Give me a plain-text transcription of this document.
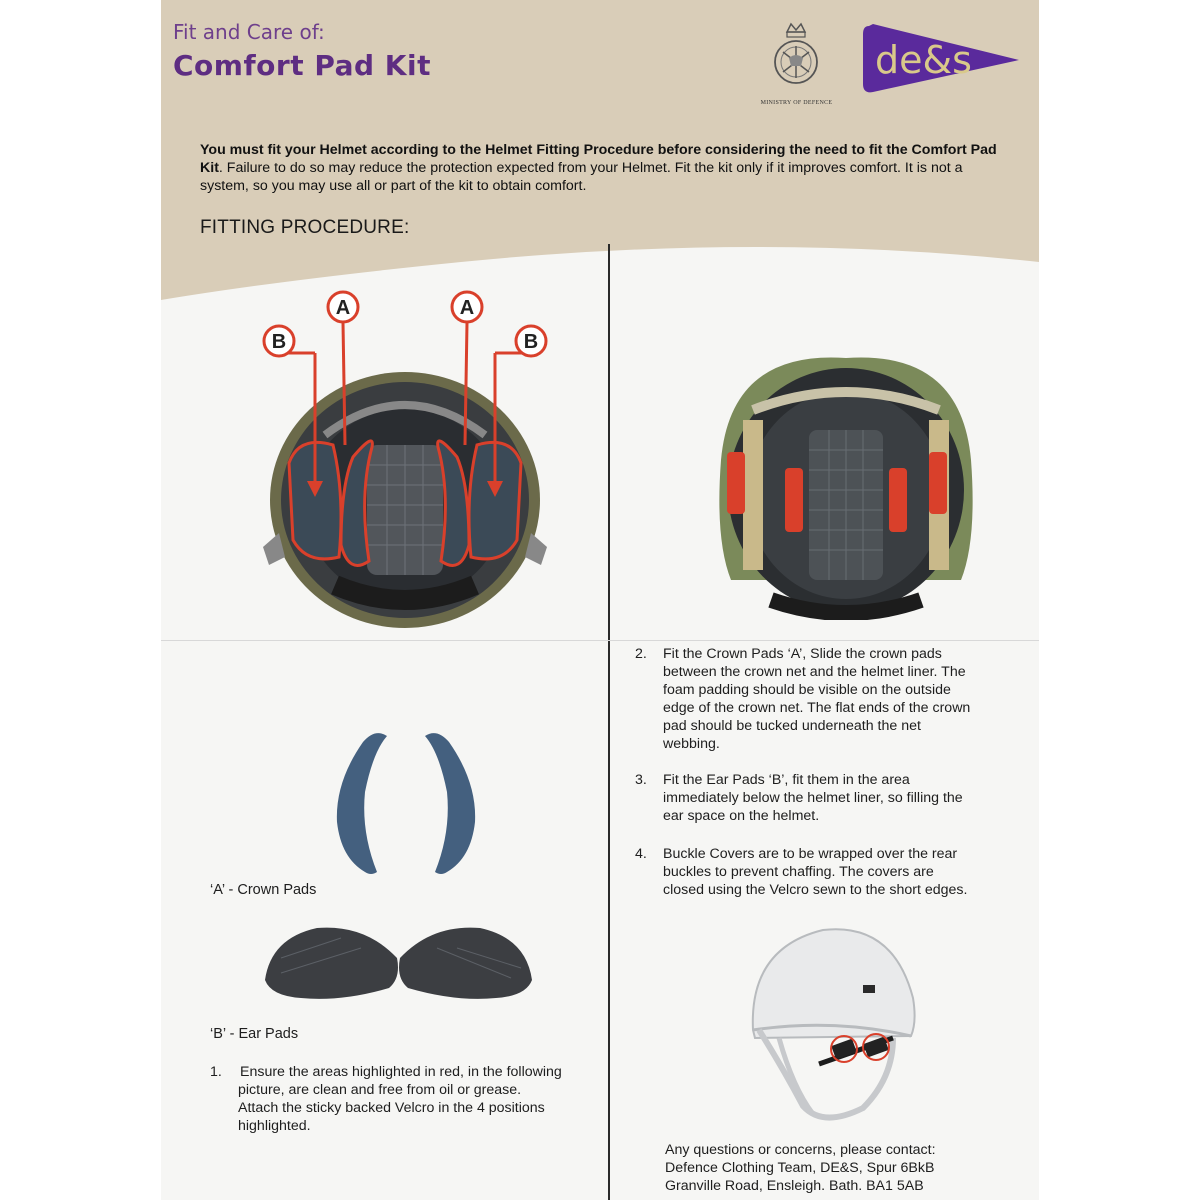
Fit and Care of:
Comfort Pad Kit
MINISTRY OF DEFENCE
de&s

You must fit your Helmet according to the Helmet Fitting Procedure before considering the need to fit the Comfort Pad Kit. Failure to do so may reduce the protection expected from your Helmet. Fit the kit only if it improves comfort. It is not a system, so you may use all or part of the kit to obtain comfort.

FITTING PROCEDURE:
A	A
B	B
‘A’ - Crown Pads
‘B’ - Ear Pads
1. Ensure the areas highlighted in red, in the following
picture, are clean and free from oil or grease.
Attach the sticky backed Velcro in the 4 positions
highlighted.
2. Fit the Crown Pads ‘A’, Slide the crown pads
between the crown net and the helmet liner. The
foam padding should be visible on the outside
edge of the crown net. The flat ends of the crown
pad should be tucked underneath the net
webbing.
3. Fit the Ear Pads ‘B’, fit them in the area
immediately below the helmet liner, so filling the
ear space on the helmet.
4. Buckle Covers are to be wrapped over the rear
buckles to prevent chaffing. The covers are
closed using the Velcro sewn to the short edges.
Any questions or concerns, please contact:
Defence Clothing Team, DE&S, Spur 6BkB
Granville Road, Ensleigh. Bath. BA1 5AB
